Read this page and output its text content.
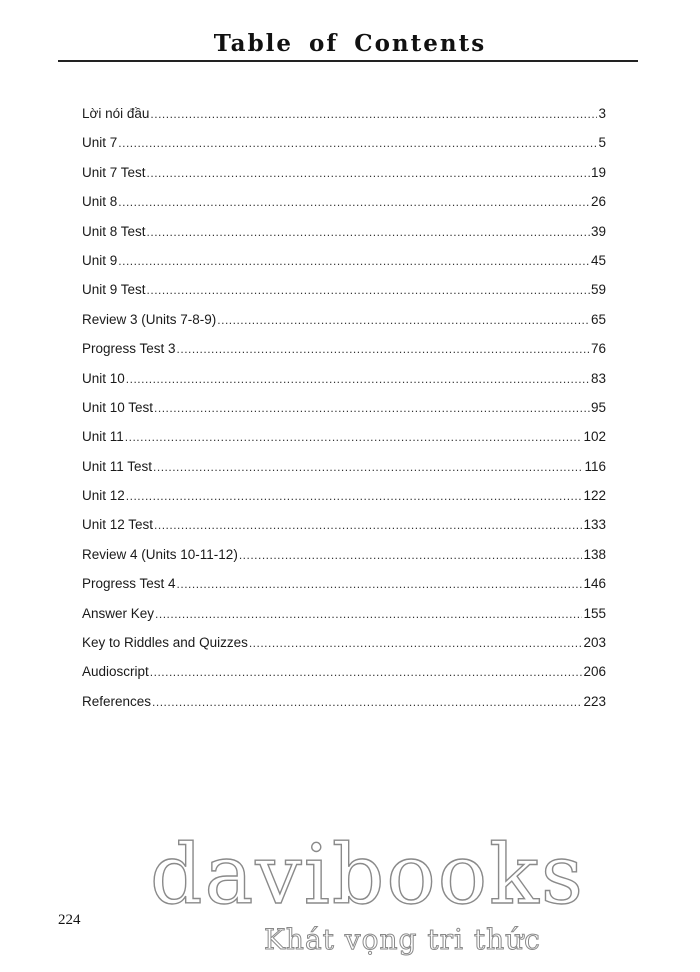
Table of Contents
Lời nói đầu .....	3
Unit 7 .....	5
Unit 7 Test .....	19
Unit 8 .....	26
Unit 8 Test .....	39
Unit 9 .....	45
Unit 9 Test .....	59
Review 3 (Units 7-8-9) .....	65
Progress Test 3 .....	76
Unit 10 .....	83
Unit 10 Test .....	95
Unit 11 .....	102
Unit 11 Test .....	116
Unit 12 .....	122
Unit 12 Test .....	133
Review 4 (Units 10-11-12) .....	138
Progress Test 4 .....	146
Answer Key .....	155
Key to Riddles and Quizzes .....	203
Audioscript .....	206
References .....	223
224 davibooks
Khát vọng tri thức
